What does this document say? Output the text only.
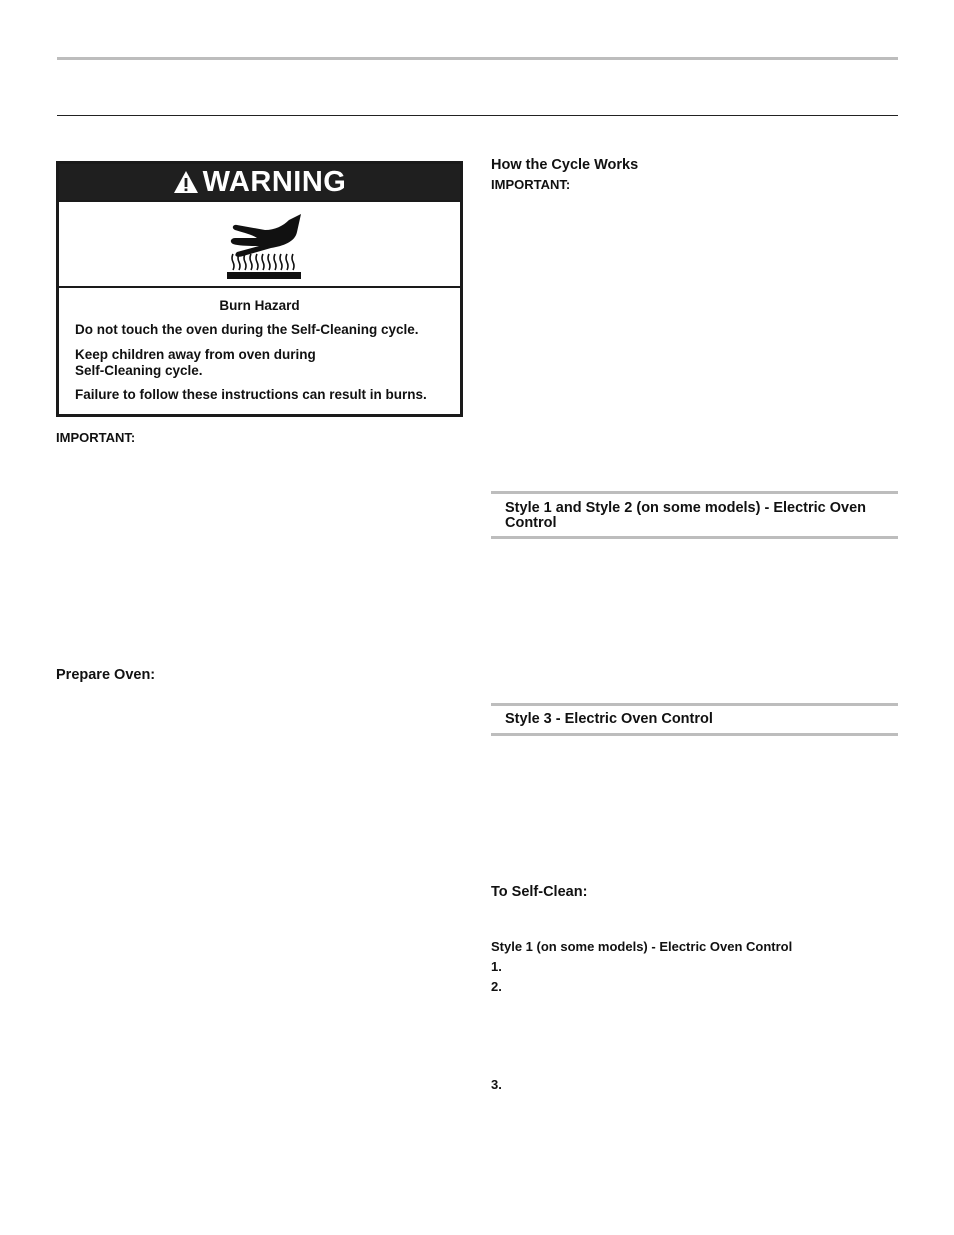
WARNING
Burn Hazard
Do not touch the oven during the Self-Cleaning cycle.
Keep children away from oven during
Self-Cleaning cycle.
Failure to follow these instructions can result in burns.
IMPORTANT:
Prepare Oven:
How the Cycle Works
IMPORTANT:
Style 1 and Style 2 (on some models) - Electric Oven Control
Style 3 - Electric Oven Control
To Self-Clean:
Style 1 (on some models) - Electric Oven Control
1.
2.
3.
